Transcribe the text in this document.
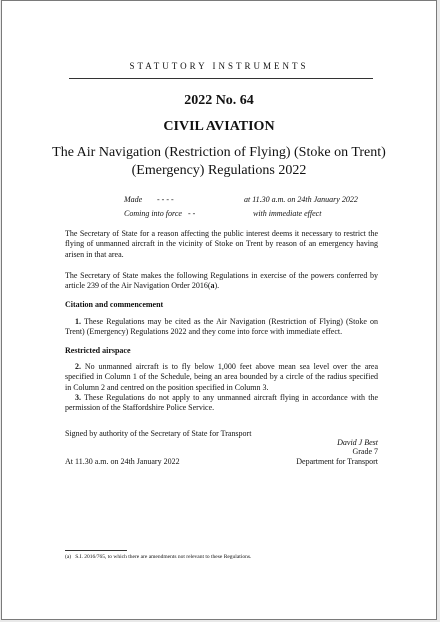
STATUTORY INSTRUMENTS
2022 No. 64
CIVIL AVIATION
The Air Navigation (Restriction of Flying) (Stoke on Trent) (Emergency) Regulations 2022
Made - - - -	at 11.30 a.m. on 24th January 2022
Coming into force - -	with immediate effect
The Secretary of State for a reason affecting the public interest deems it necessary to restrict the flying of unmanned aircraft in the vicinity of Stoke on Trent by reason of an emergency having arisen in that area.
The Secretary of State makes the following Regulations in exercise of the powers conferred by article 239 of the Air Navigation Order 2016(a).
Citation and commencement
1. These Regulations may be cited as the Air Navigation (Restriction of Flying) (Stoke on Trent) (Emergency) Regulations 2022 and they come into force with immediate effect.
Restricted airspace
2. No unmanned aircraft is to fly below 1,000 feet above mean sea level over the area specified in Column 1 of the Schedule, being an area bounded by a circle of the radius specified in Column 2 and centred on the position specified in Column 3.
3. These Regulations do not apply to any unmanned aircraft flying in accordance with the permission of the Staffordshire Police Service.
Signed by authority of the Secretary of State for Transport
David J Best
Grade 7
At 11.30 a.m. on 24th January 2022	Department for Transport
(a) S.I. 2016/765, to which there are amendments not relevant to these Regulations.
